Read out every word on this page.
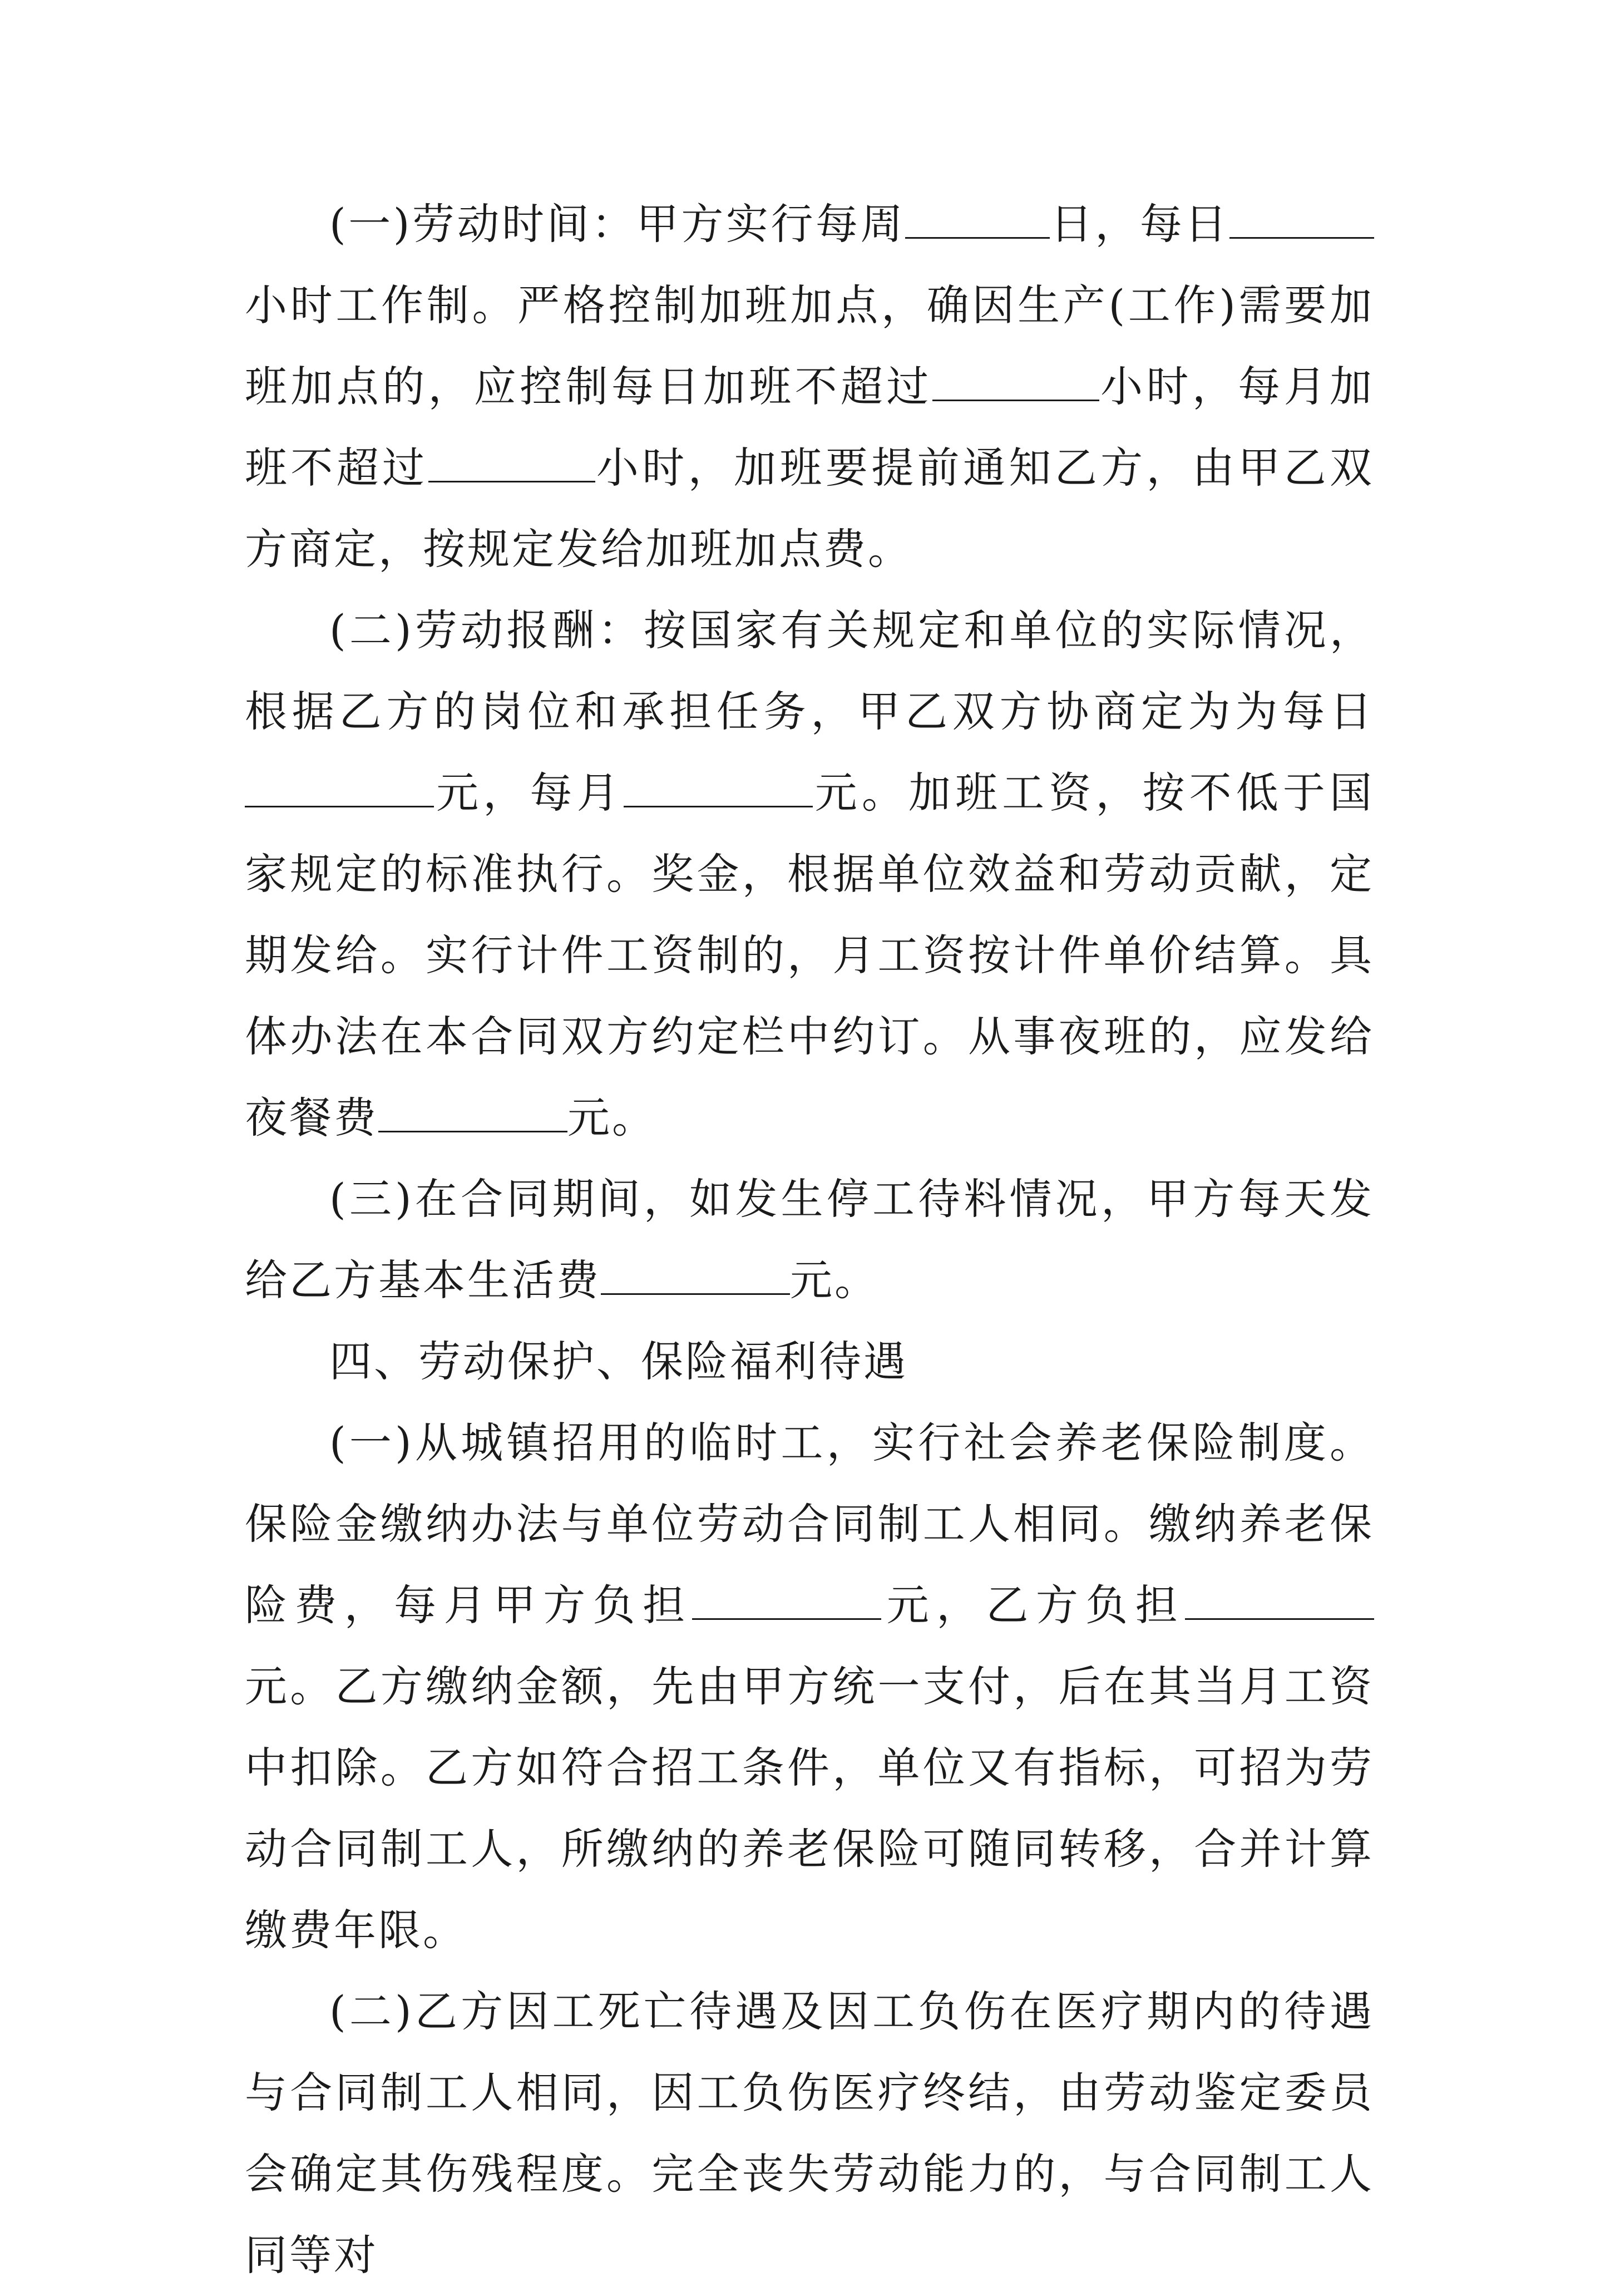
(一)劳动时间：甲方实行每周	日，每日小时工作制。严格控制加班加点，确因生产(工作)需要加班加点的，应控制每日加班不超过	小时，每月加班不超过	小时，加班要提前通知乙方，由甲乙双方商定，按规定发给加班加点费。

(二)劳动报酬：按国家有关规定和单位的实际情况，根据乙方的岗位和承担任务，甲乙双方协商定为为每日元，每月	元。加班工资，按不低于国家规定的标准执行。奖金，根据单位效益和劳动贡献，定期发给。实行计件工资制的，月工资按计件单价结算。具体办法在本合同双方约定栏中约订。从事夜班的，应发给夜餐费	元。

(三)在合同期间，如发生停工待料情况，甲方每天发给乙方基本生活费	元。

四、劳动保护、保险福利待遇

(一)从城镇招用的临时工，实行社会养老保险制度。保险金缴纳办法与单位劳动合同制工人相同。缴纳养老保险费，每月甲方负担	元，乙方负担元。乙方缴纳金额，先由甲方统一支付，后在其当月工资中扣除。乙方如符合招工条件，单位又有指标，可招为劳动合同制工人，所缴纳的养老保险可随同转移，合并计算缴费年限。

(二)乙方因工死亡待遇及因工负伤在医疗期内的待遇与合同制工人相同，因工负伤医疗终结，由劳动鉴定委员会确定其伤残程度。完全丧失劳动能力的，与合同制工人同等对
